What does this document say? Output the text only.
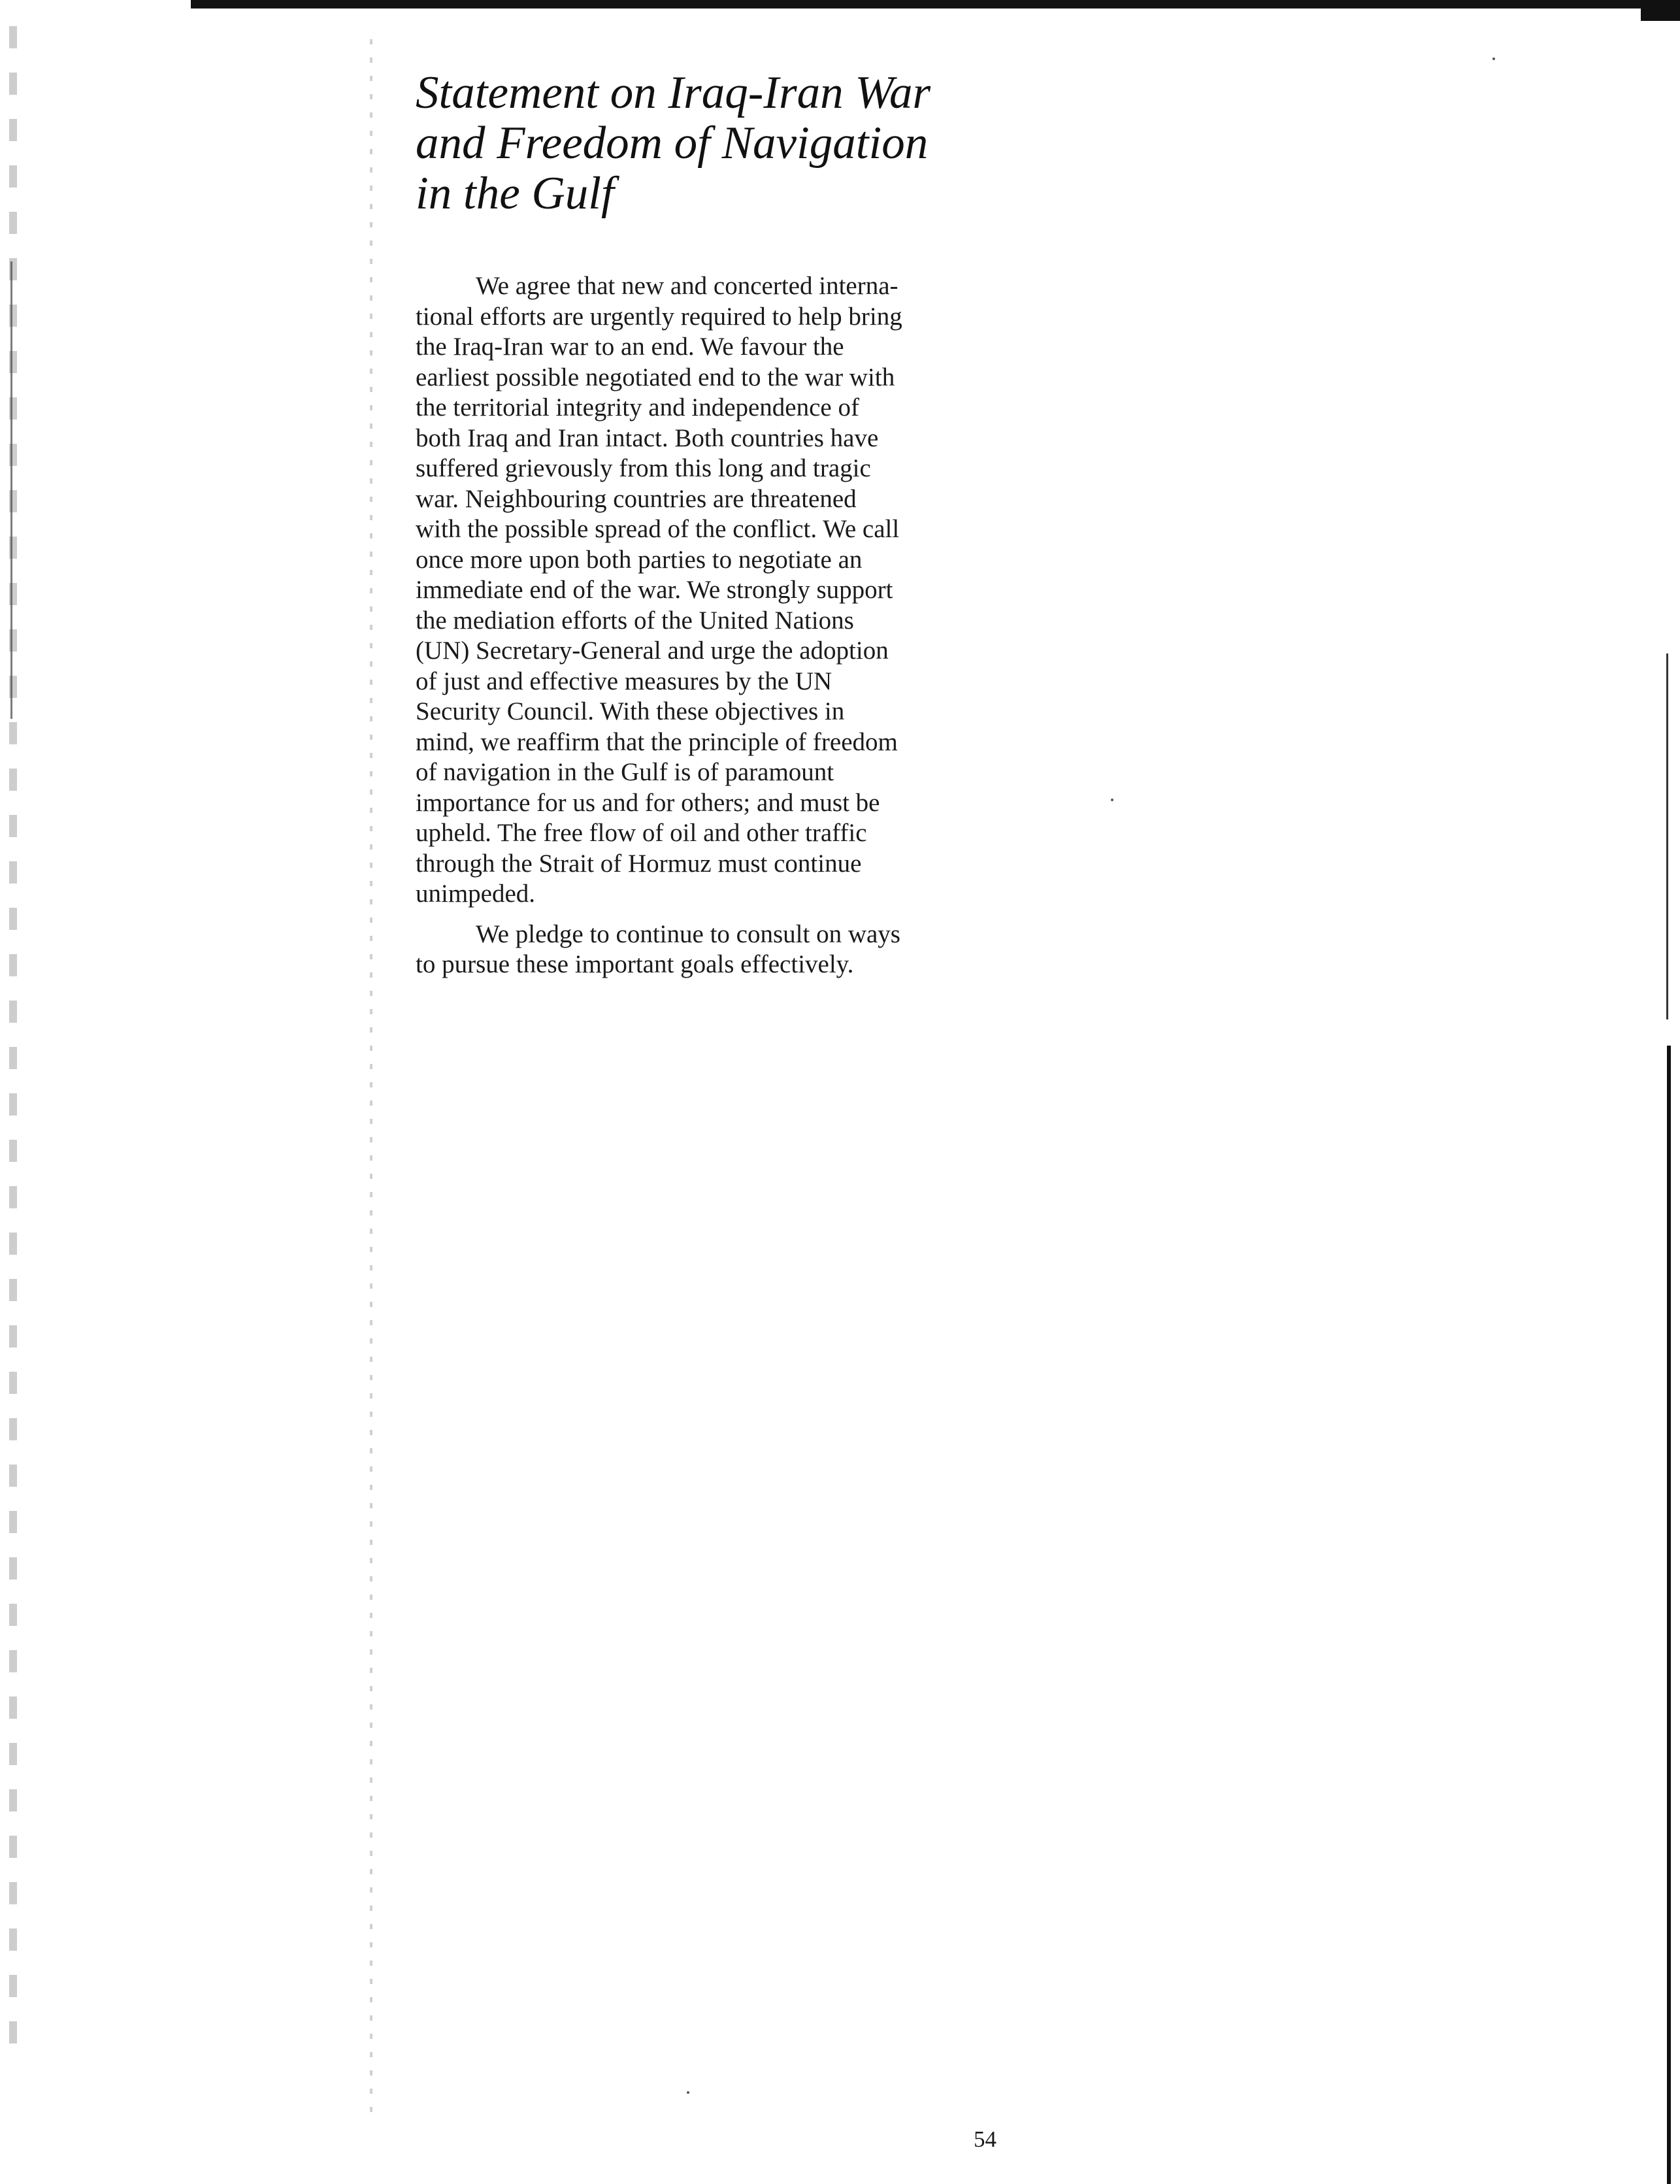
Statement on Iraq-Iran War
and Freedom of Navigation
in the Gulf

We agree that new and concerted interna-
tional efforts are urgently required to help bring
the Iraq-Iran war to an end. We favour the
earliest possible negotiated end to the war with
the territorial integrity and independence of
both Iraq and Iran intact. Both countries have
suffered grievously from this long and tragic
war. Neighbouring countries are threatened
with the possible spread of the conflict. We call
once more upon both parties to negotiate an
immediate end of the war. We strongly support
the mediation efforts of the United Nations
(UN) Secretary-General and urge the adoption
of just and effective measures by the UN
Security Council. With these objectives in
mind, we reaffirm that the principle of freedom
of navigation in the Gulf is of paramount
importance for us and for others; and must be
upheld. The free flow of oil and other traffic
through the Strait of Hormuz must continue
unimpeded.

We pledge to continue to consult on ways
to pursue these important goals effectively.

54
